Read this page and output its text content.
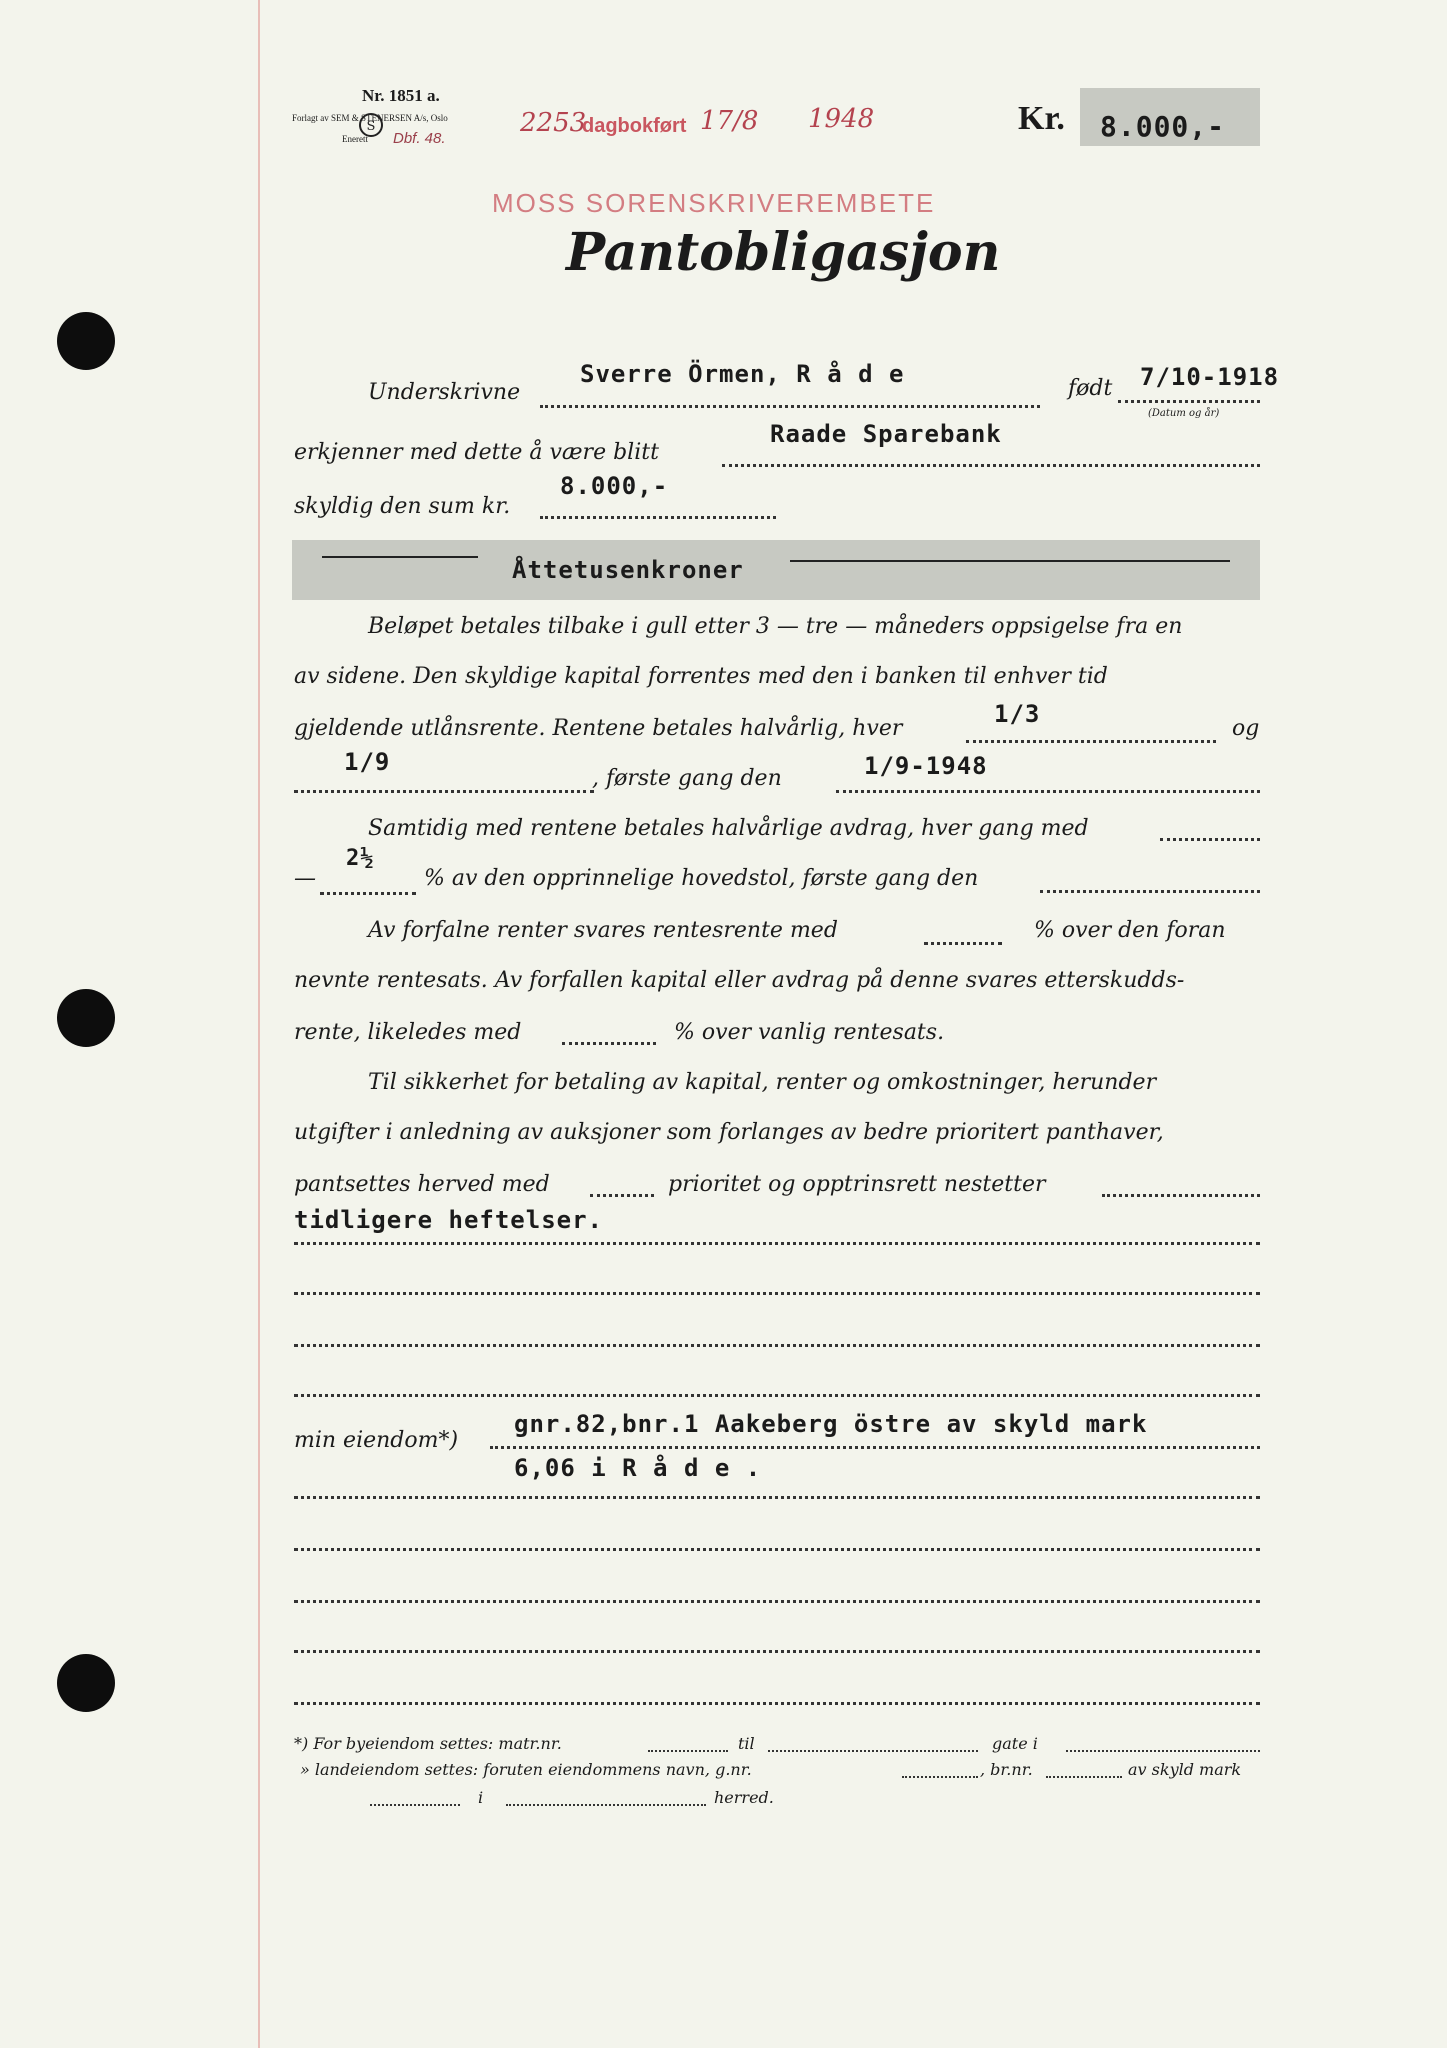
Nr. 1851 a.
Forlagt av SEM & STENERSEN A/s, Oslo
Enerett
S
Dbf. 48.
2253
dagbokført 17/8 1948
MOSS SORENSKRIVEREMBETE
Kr. 8.000,-
Pantobligasjon
Underskrivne
Sverre Örmen, R å d e
født 7/10-1918
(Datum og år)
erkjenner med dette å være blitt
Raade Sparebank
skyldig den sum kr.
8.000,-
Åttetusenkroner
Beløpet betales tilbake i gull etter 3 — tre — måneders oppsigelse fra en
av sidene. Den skyldige kapital forrentes med den i banken til enhver tid
gjeldende utlånsrente. Rentene betales halvårlig, hver
1/3
og
1/9
, første gang den	1/9-1948
Samtidig med rentene betales halvårlige avdrag, hver gang med
—
2½
% av den opprinnelige hovedstol, første gang den
Av forfalne renter svares rentesrente med	% over den foran
nevnte rentesats. Av forfallen kapital eller avdrag på denne svares etterskudds-
rente, likeledes med	% over vanlig rentesats.
Til sikkerhet for betaling av kapital, renter og omkostninger, herunder
utgifter i anledning av auksjoner som forlanges av bedre prioritert panthaver,
pantsettes herved med	prioritet og opptrinsrett nestetter
tidligere heftelser.
min eiendom*)
gnr.82,bnr.1 Aakeberg östre av skyld mark
6,06 i R å d e .
*) For byeiendom settes: matr.nr.	til	gate i
» landeiendom settes: foruten eiendommens navn, g.nr.	, br.nr.	av skyld mark
i	herred.
